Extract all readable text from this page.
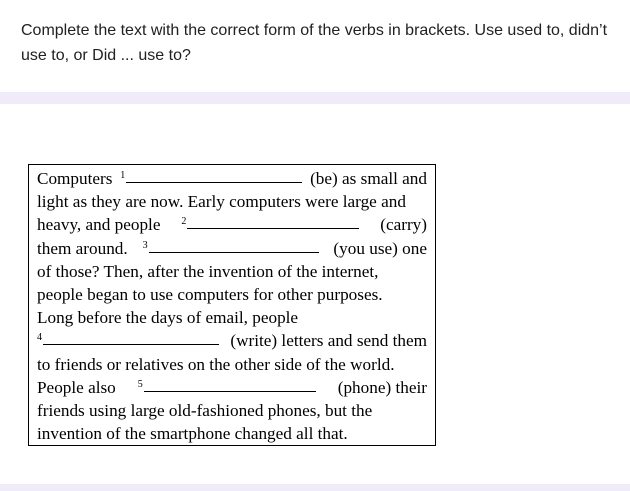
Complete the text with the correct form of the verbs in brackets. Use used to, didn’t use to, or Did ... use to?

Computers $^1$	(be) as small and
light as they are now. Early computers were large and
heavy, and people $^2$	(carry)
them around. $^3$	(you use) one
of those? Then, after the invention of the internet,
people began to use computers for other purposes.
Long before the days of email, people
$^4$	(write) letters and send them
to friends or relatives on the other side of the world.
People also $^5$	(phone) their
friends using large old-fashioned phones, but the
invention of the smartphone changed all that.
